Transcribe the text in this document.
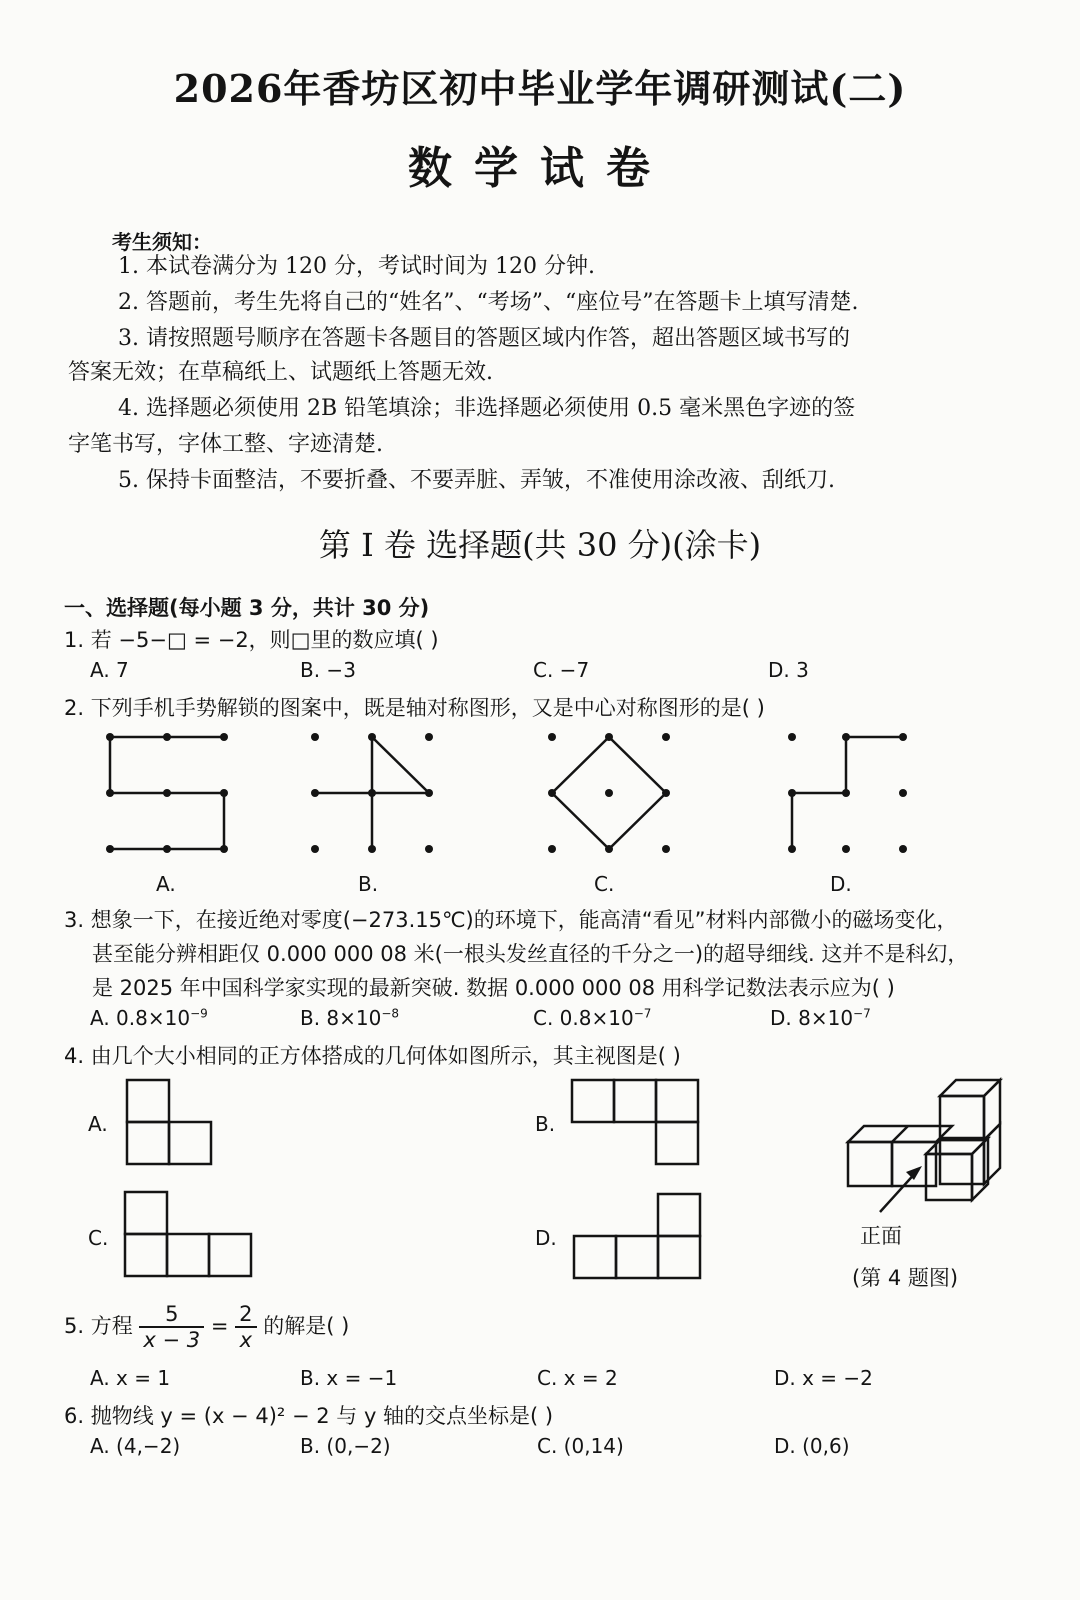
2026年香坊区初中毕业学年调研测试(二)
数学试卷
考生须知：
1. 本试卷满分为 120 分，考试时间为 120 分钟.
2. 答题前，考生先将自己的“姓名”、“考场”、“座位号”在答题卡上填写清楚.
3. 请按照题号顺序在答题卡各题目的答题区域内作答，超出答题区域书写的
答案无效；在草稿纸上、试题纸上答题无效.
4. 选择题必须使用 2B 铅笔填涂；非选择题必须使用 0.5 毫米黑色字迹的签
字笔书写，字体工整、字迹清楚.
5. 保持卡面整洁，不要折叠、不要弄脏、弄皱，不准使用涂改液、刮纸刀.
第 I 卷 选择题(共 30 分)(涂卡)
一、选择题(每小题 3 分，共计 30 分)
1. 若 −5−□ = −2，则□里的数应填( )
A. 7	B. −3	C. −7	D. 3
2. 下列手机手势解锁的图案中，既是轴对称图形，又是中心对称图形的是( )
A.	B.	C.	D.
3. 想象一下，在接近绝对零度(−273.15℃)的环境下，能高清“看见”材料内部微小的磁场变化，
甚至能分辨相距仅 0.000 000 08 米(一根头发丝直径的千分之一)的超导细线. 这并不是科幻，
是 2025 年中国科学家实现的最新突破. 数据 0.000 000 08 用科学记数法表示应为( )
A. $0.8\times 10^{-9}$	B. $8\times 10^{-8}$	C. $0.8\times 10^{-7}$	D. $8\times 10^{-7}$
4. 由几个大小相同的正方体搭成的几何体如图所示，其主视图是( )
A.	B.
C.	D.	正面
(第 4 题图)
5. 方程 $\frac{5}{x - 3} = \frac{2}{x}$ 的解是( )
A. x = 1	B. x = −1	C. x = 2	D. x = −2
6. 抛物线 y = (x − 4)² − 2 与 y 轴的交点坐标是( )
A. (4,−2)	B. (0,−2)	C. (0,14)	D. (0,6)
